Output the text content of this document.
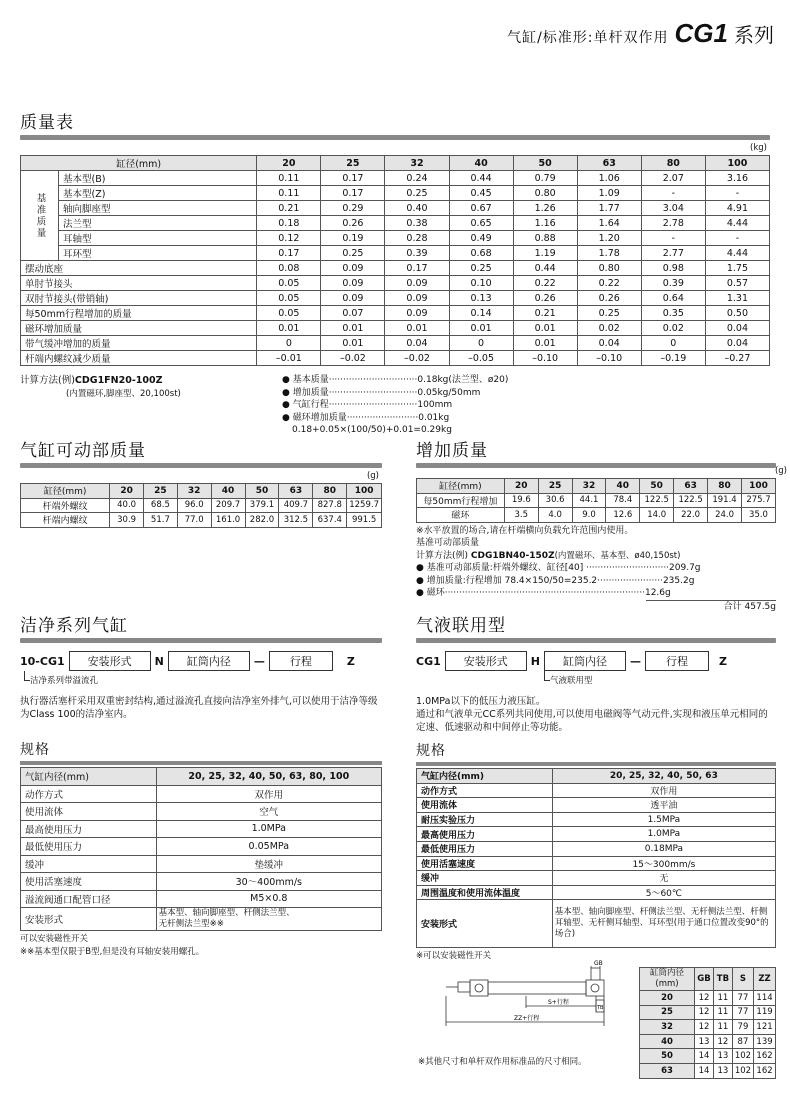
气缸/标准形:单杆双作用 CG1 系列
质量表
(kg)
缸径(mm)		20	25	32	40	50	63	80	100
基准质量	基本型(B)	0.11	0.17	0.24	0.44	0.79	1.06	2.07	3.16
	基本型(Z)	0.11	0.17	0.25	0.45	0.80	1.09	-	-
	轴向脚座型	0.21	0.29	0.40	0.67	1.26	1.77	3.04	4.91
	法兰型	0.18	0.26	0.38	0.65	1.16	1.64	2.78	4.44
	耳轴型	0.12	0.19	0.28	0.49	0.88	1.20	-	-
	耳环型	0.17	0.25	0.39	0.68	1.19	1.78	2.77	4.44
摆动底座		0.08	0.09	0.17	0.25	0.44	0.80	0.98	1.75
单肘节接头		0.05	0.09	0.09	0.10	0.22	0.22	0.39	0.57
双肘节接头(带销轴)		0.05	0.09	0.09	0.13	0.26	0.26	0.64	1.31
每50mm行程增加的质量		0.05	0.07	0.09	0.14	0.21	0.25	0.35	0.50
磁环增加质量		0.01	0.01	0.01	0.01	0.01	0.02	0.02	0.04
带气缓冲增加的质量		0	0.01	0.04	0	0.01	0.04	0	0.04
杆端内螺纹减少质量		–0.01	–0.02	–0.02	–0.05	–0.10	–0.10	–0.19	–0.27
计算方法(例)CDG1FN20-100Z
(内置磁环,脚座型、20,100st)
● 基本质量·······························0.18kg(法兰型、ø20)
● 增加质量·······························0.05kg/50mm
● 气缸行程·······························100mm
● 磁环增加质量·························0.01kg
0.18+0.05×(100/50)+0.01=0.29kg
气缸可动部质量
(g)
缸径(mm)	20	25	32	40	50	63	80	100
杆端外螺纹	40.0	68.5	96.0	209.7	379.1	409.7	827.8	1259.7
杆端内螺纹	30.9	51.7	77.0	161.0	282.0	312.5	637.4	991.5
增加质量
(g)
缸径(mm)	20	25	32	40	50	63	80	100
每50mm行程增加	19.6	30.6	44.1	78.4	122.5	122.5	191.4	275.7
磁环	3.5	4.0	9.0	12.6	14.0	22.0	24.0	35.0
※水平放置的场合,请在杆端横向负载允许范围内使用。
基准可动部质量
计算方法(例) CDG1BN40-150Z(内置磁环、基本型、ø40,150st)
● 基准可动部质量:杆端外螺纹、缸径[40] ·····························209.7g
● 增加质量:行程增加 78.4×150/50=235.2·······················235.2g
● 磁环······································································12.6g
合计 457.5g
洁净系列气缸
10-CG1	安装形式	N	缸筒内径	—	行程	Z
洁净系列带溢流孔
执行器活塞杆采用双重密封结构,通过溢流孔直接向洁净室外排气,可以使用于洁净等级为Class 100的洁净室内。
规格
气缸内径(mm)	20, 25, 32, 40, 50, 63, 80, 100
动作方式	双作用
使用流体	空气
最高使用压力	1.0MPa
最低使用压力	0.05MPa
缓冲	垫缓冲
使用活塞速度	30～400mm/s
溢流阀通口配管口径	M5×0.8
安装形式	基本型、轴向脚座型、杆侧法兰型、
无杆侧法兰型※※
可以安装磁性开关
※※基本型仅限于B型,但是没有耳轴安装用螺孔。
气液联用型
CG1	安装形式	H	缸筒内径	—	行程	Z
气液联用型
1.0MPa以下的低压力液压缸。
通过和气液单元CC系列共同使用,可以使用电磁阀等气动元件,实现和液压单元相同的定速、低速驱动和中间停止等功能。
规格
气缸内径(mm)	20, 25, 32, 40, 50, 63
动作方式	双作用
使用流体	透平油
耐压实验压力	1.5MPa
最高使用压力	1.0MPa
最低使用压力	0.18MPa
使用活塞速度	15～300mm/s
缓冲	无
周围温度和使用流体温度	5～60℃
安装形式	基本型、轴向脚座型、杆侧法兰型、无杆侧法兰型、杆侧耳轴型、无杆侧耳轴型、耳环型(用于通口位置改变90°的场合)
※可以安装磁性开关
GB
TB
S+行程
ZZ+行程
※其他尺寸和单杆双作用标准品的尺寸相同。
缸筒内径
(mm)	GB	TB	S	ZZ
20	12	11	77	114
25	12	11	77	119
32	12	11	79	121
40	13	12	87	139
50	14	13	102	162
63	14	13	102	162
